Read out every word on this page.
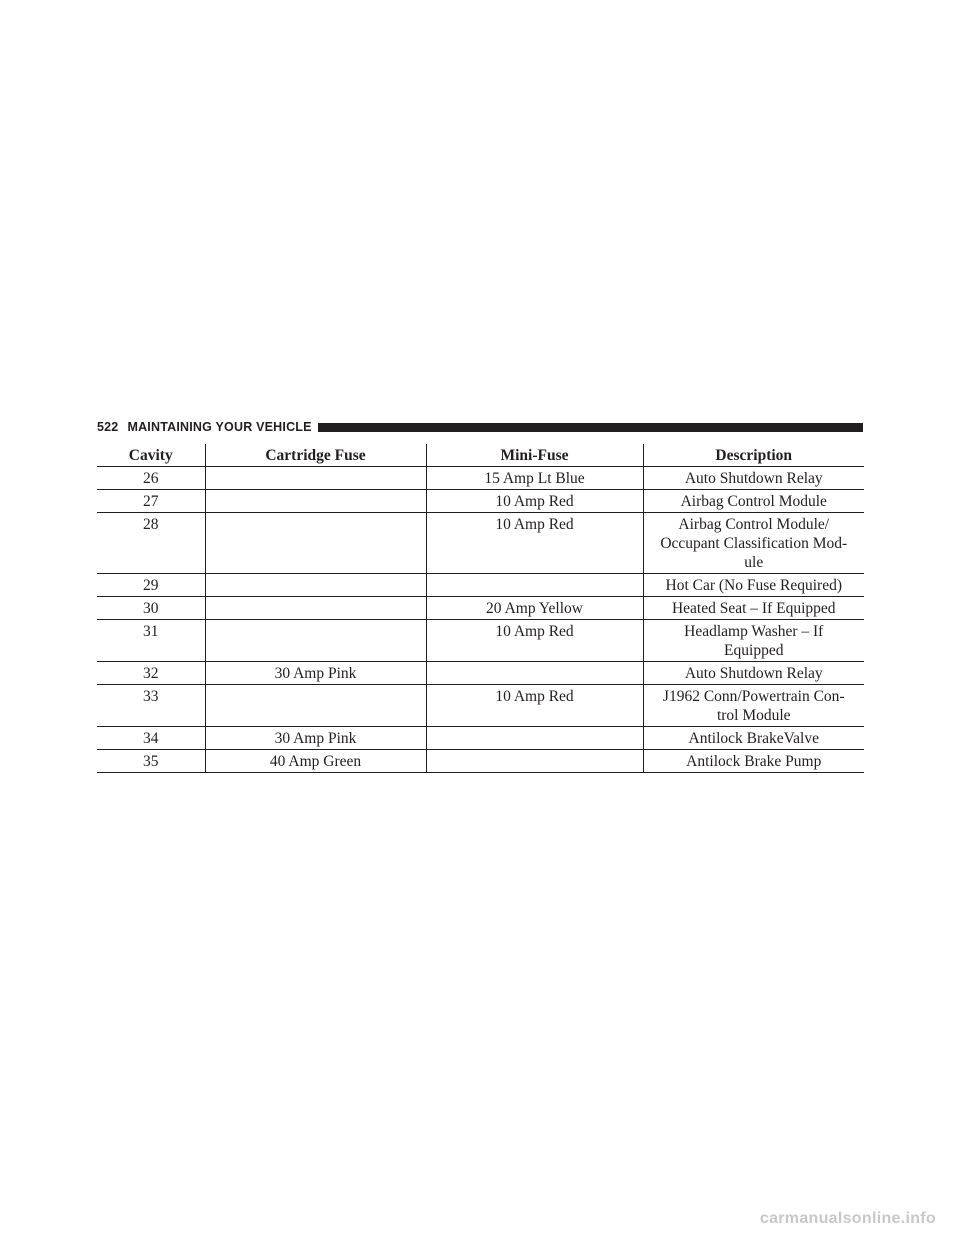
522 MAINTAINING YOUR VEHICLE
Cavity	Cartridge Fuse	Mini-Fuse	Description
26		15 Amp Lt Blue	Auto Shutdown Relay
27		10 Amp Red	Airbag Control Module
28		10 Amp Red	Airbag Control Module/
Occupant Classification Mod-
ule
29			Hot Car (No Fuse Required)
30		20 Amp Yellow	Heated Seat – If Equipped
31		10 Amp Red	Headlamp Washer – If
Equipped
32	30 Amp Pink		Auto Shutdown Relay
33		10 Amp Red	J1962 Conn/Powertrain Con-
trol Module
34	30 Amp Pink		Antilock BrakeValve
35	40 Amp Green		Antilock Brake Pump
carmanualsonline.info
